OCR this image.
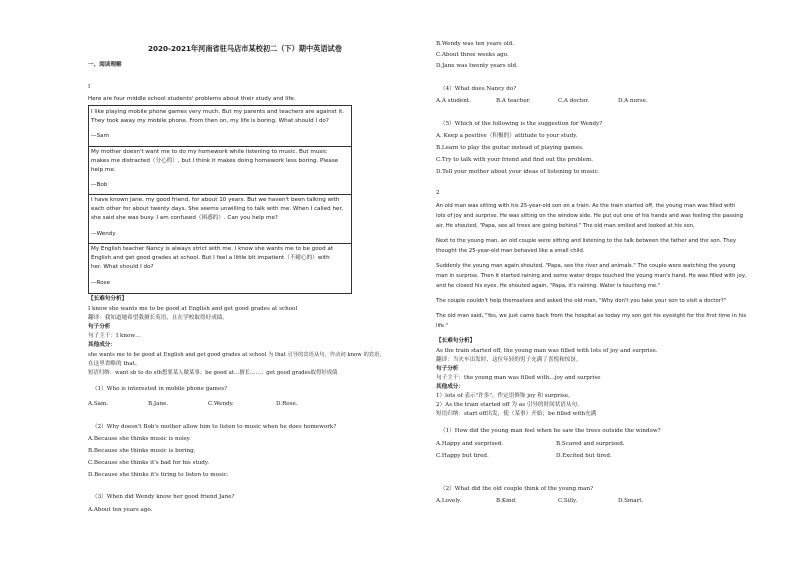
2020-2021年河南省驻马店市某校初二（下）期中英语试卷
一、阅读理解
I
Here are four middle school students' problems about their study and life.
I like playing mobile phone games very much. But my parents and teachers are against it.
They took away my mobile phone. From then on, my life is boring. What should I do?
—Sam
My mother doesn't want me to do my homework while listening to music. But music
makes me distracted（分心的）, but I think it makes doing homework less boring. Please
help me.
—Bob
I have known Jane, my good friend, for about 10 years. But we haven't been talking with
each other for about twenty days. She seems unwilling to talk with me. When I called her,
she said she was busy. I am confused（困惑的）. Can you help me?
—Wendy
My English teacher Nancy is always strict with me. I know she wants me to be good at
English and get good grades at school. But I feel a little bit impatient（不耐心的）with
her. What should I do?
—Rose
【长难句分析】
I know she wants me to be good at English and get good grades at school
翻译：我知道她希望我擅长英语，且在学校取得好成绩。
句子分析
句子主干：I know…
其他成分：
she wants me to be good at English and get good grades at school 为 that 引导的宾语从句，作动词 know 的宾语，
在这里省略的 that。
短语归纳：want sb to do sth想要某人做某事；be good at…擅长……；get good grades取得好成绩
（1）Who is interested in mobile phone games?
A.Sam.	B.Jane.	C.Wendy.	D.Rose.
（2）Why doesn't Bob's mother allow him to listen to music when he does homework?
A.Because she thinks music is noisy.
B.Because she thinks music is boring.
C.Because she thinks it's bad for his study.
D.Because she thinks it's tiring to listen to music.
（3）When did Wendy know her good friend Jane?
A.About ten years ago.
B.Wendy was ten years old.
C.About three weeks ago.
D.Jane was twenty years old.
（4）What does Nancy do?
A.A student.	B.A teacher.	C.A doctor.	D.A nurse.
（5）Which of the following is the suggestion for Wendy?
A. Keep a positive（积极的）attitude to your study.
B.Learn to play the guitar instead of playing games.
C.Try to talk with your friend and find out the problem.
D.Tell your mother about your ideas of listening to music.
2
An old man was sitting with his 25-year-old son on a train. As the train started off, the young man was filled with
lots of joy and surprise. He was sitting on the window side. He put out one of his hands and was feeling the passing
air. He shouted, "Papa, see all trees are going behind." The old man smiled and looked at his son.
Next to the young man, an old couple were sitting and listening to the talk between the father and the son. They
thought the 25-year-old man behaved like a small child.
Suddenly the young man again shouted, "Papa, see the river and animals." The couple were watching the young
man in surprise. Then it started raining and some water drops touched the young man's hand. He was filled with joy,
and he closed his eyes. He shouted again, "Papa, it's raining. Water is touching me."
The couple couldn't help themselves and asked the old man, "Why don't you take your son to visit a doctor?"
The old man said, "Yes, we just came back from the hospital as today my son got his eyesight for the first time in his
life."
【长难句分析】
As the train started off, the young man was filled with lots of joy and surprise.
翻译：当火车出发时，这位年轻的男子充满了喜悦和惊讶。
句子分析
句子主干：the young man was filled with…joy and surprise
其他成分：
1）lots of 表示"许多"，作定语修饰 joy 和 surprise。
2）As the train started off 为 as 引导的时间状语从句。
短语归纳：start off出发，使（某事）开始；be filled with充满
（1）How did the young man feel when he saw the trees outside the window?
A.Happy and surprised.	B.Scared and surprised.
C.Happy but tired.	D.Excited but tired.
（2）What did the old couple think of the young man?
A.Lovely.	B.Kind.	C.Silly.	D.Smart.
